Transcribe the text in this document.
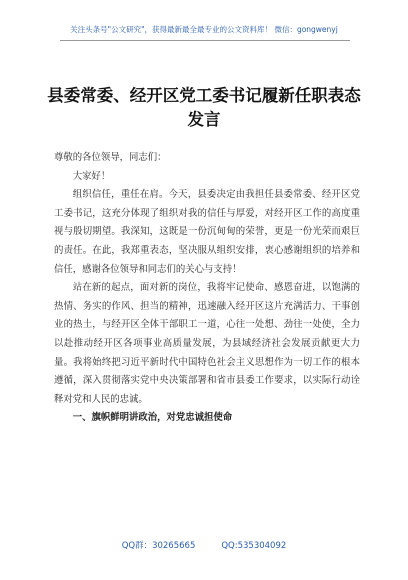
关注头条号"公文研究"，获得最新最全最专业的公文资料库！ 微信：gongwenyj
县委常委、经开区党工委书记履新任职表态发言

尊敬的各位领导，同志们：

大家好！

组织信任，重任在肩。今天，县委决定由我担任县委常委、经开区党工委书记，这充分体现了组织对我的信任与厚爱，对经开区工作的高度重视与殷切期望。我深知，这既是一份沉甸甸的荣誉，更是一份光荣而艰巨的责任。在此，我郑重表态，坚决服从组织安排，衷心感谢组织的培养和信任，感谢各位领导和同志们的关心与支持！

站在新的起点，面对新的岗位，我将牢记使命、感恩奋进，以饱满的热情、务实的作风、担当的精神，迅速融入经开区这片充满活力、干事创业的热土，与经开区全体干部职工一道，心往一处想、劲往一处使，全力以赴推动经开区各项事业高质量发展，为县域经济社会发展贡献更大力量。我将始终把习近平新时代中国特色社会主义思想作为一切工作的根本遵循，深入贯彻落实党中央决策部署和省市县委工作要求，以实际行动诠释对党和人民的忠诚。

一、旗帜鲜明讲政治，对党忠诚担使命

QQ群：30265665	QQ:535304092
